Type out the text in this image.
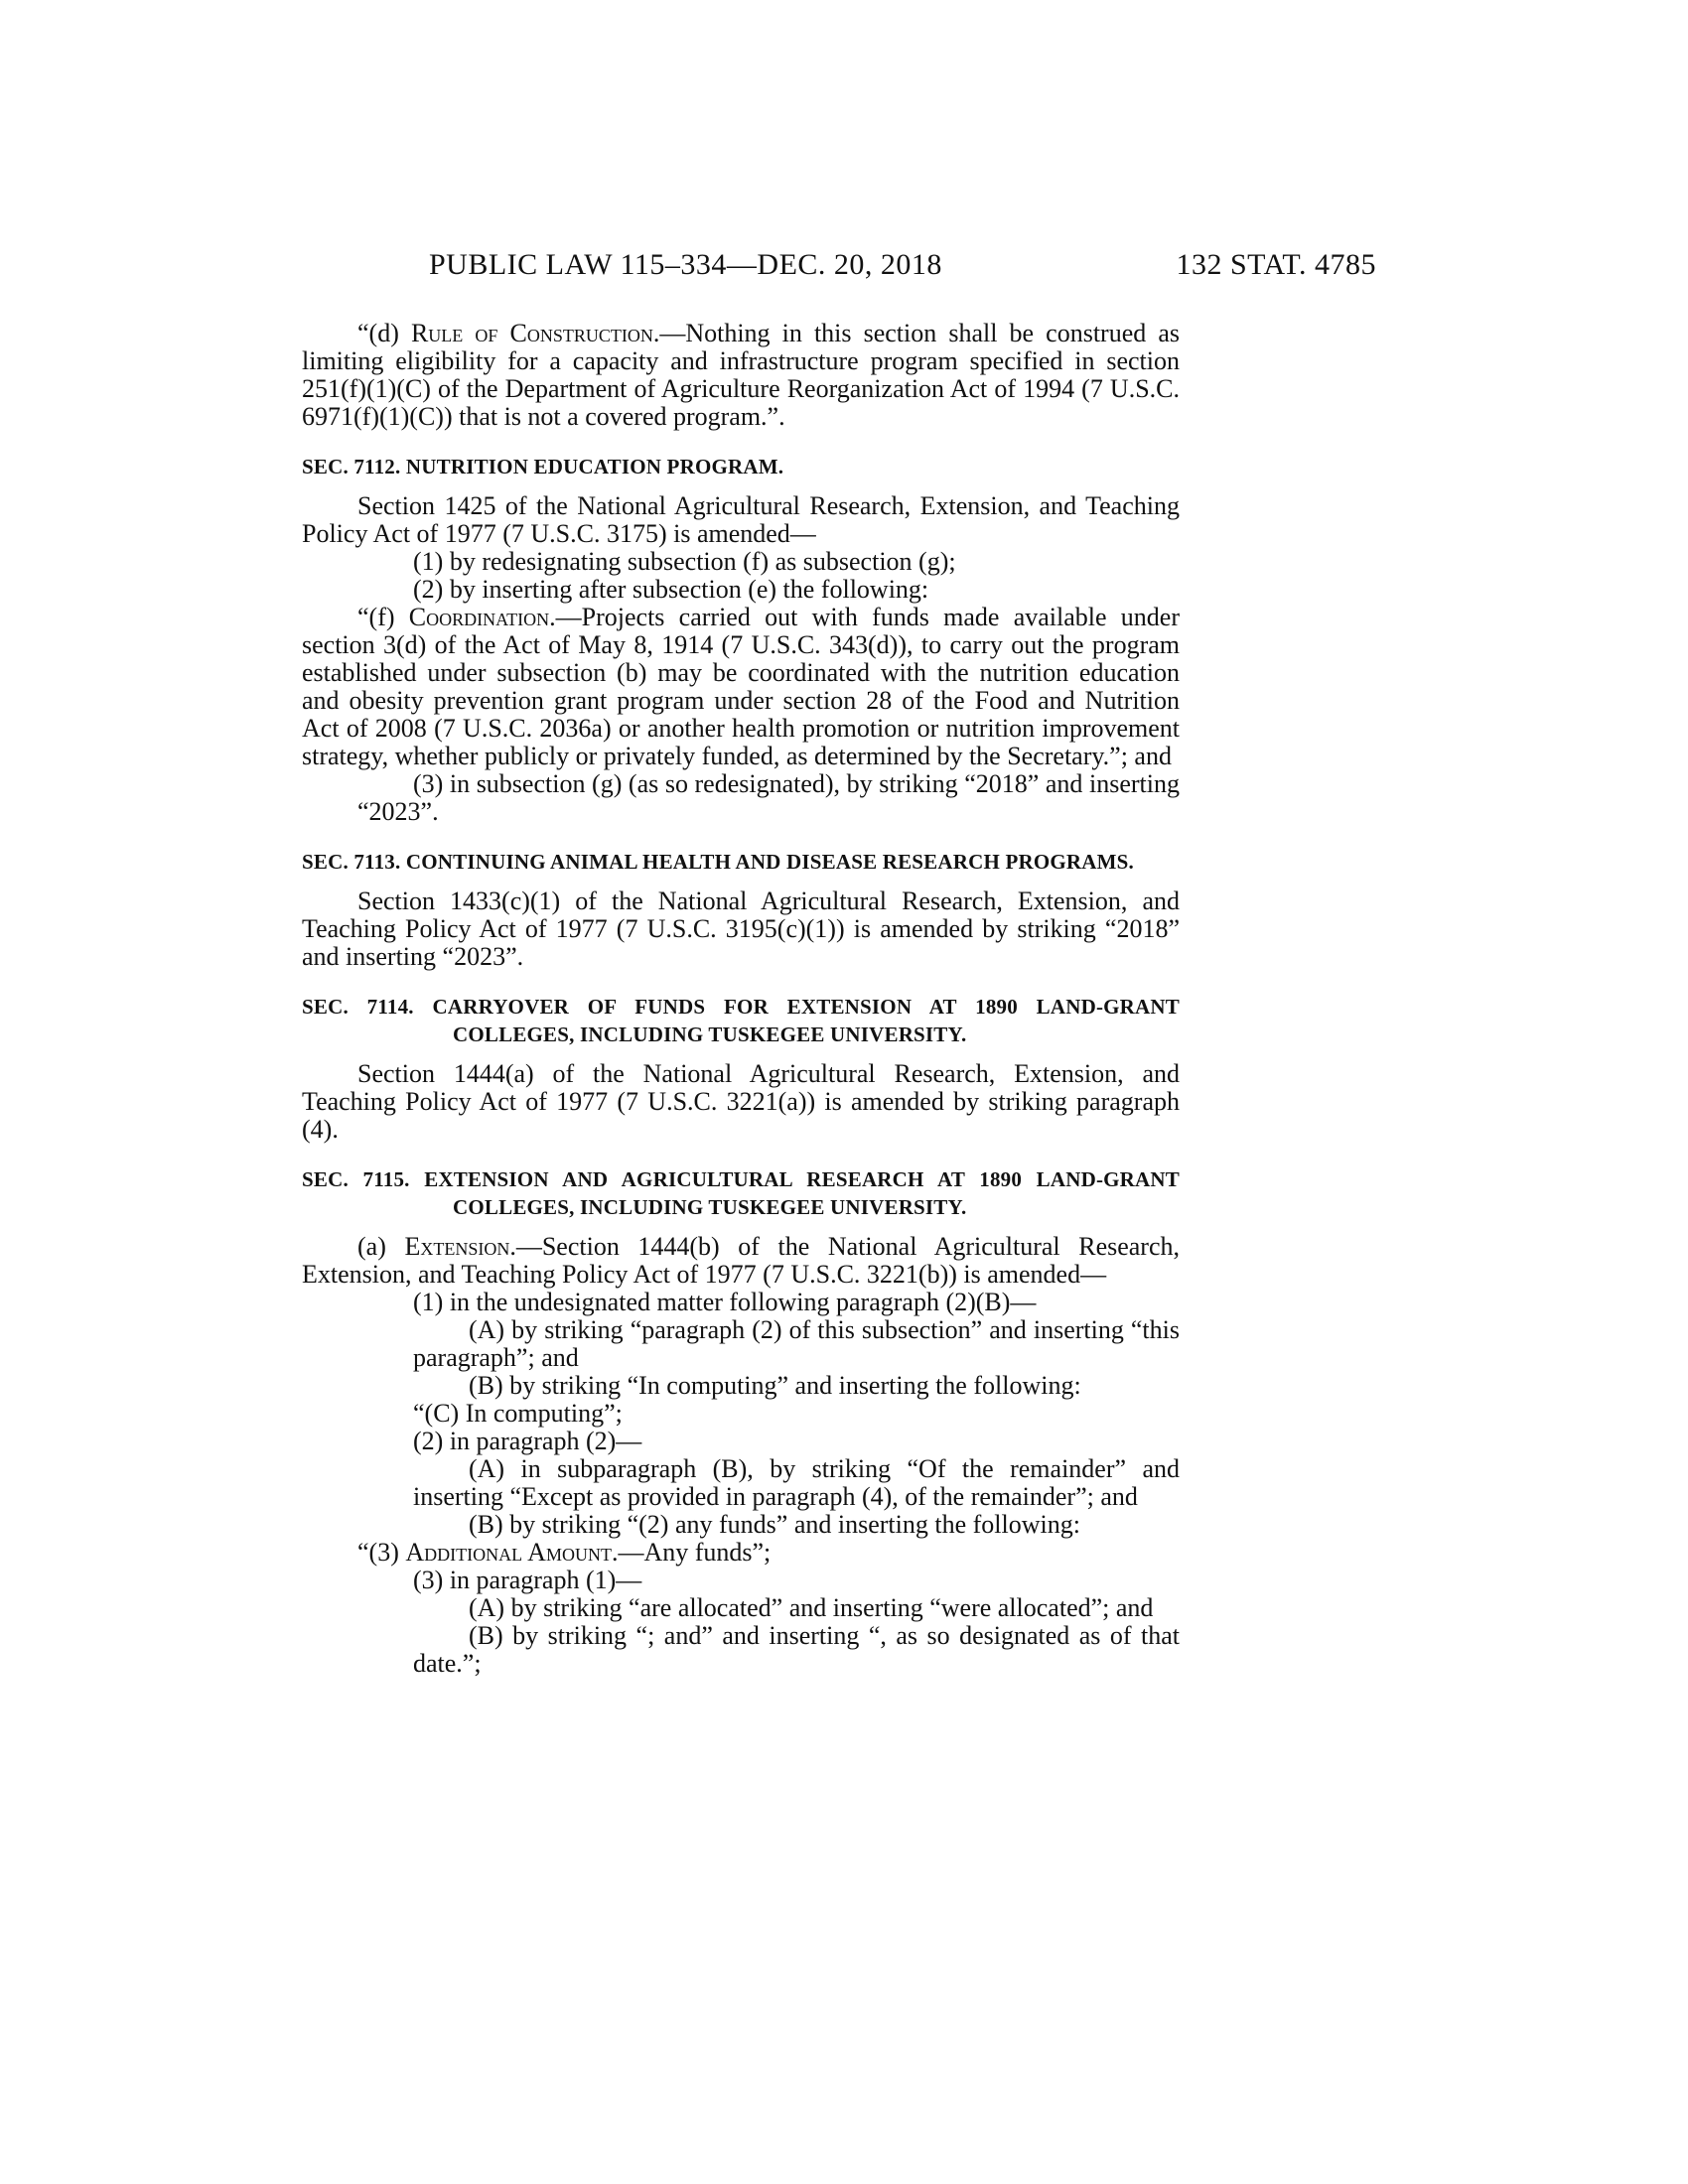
PUBLIC LAW 115–334—DEC. 20, 2018	132 STAT. 4785

“(d) Rule of Construction.—Nothing in this section shall be construed as limiting eligibility for a capacity and infrastructure program specified in section 251(f)(1)(C) of the Department of Agriculture Reorganization Act of 1994 (7 U.S.C. 6971(f)(1)(C)) that is not a covered program.”.

SEC. 7112. NUTRITION EDUCATION PROGRAM.

Section 1425 of the National Agricultural Research, Extension, and Teaching Policy Act of 1977 (7 U.S.C. 3175) is amended—

(1) by redesignating subsection (f) as subsection (g);

(2) by inserting after subsection (e) the following:

“(f) Coordination.—Projects carried out with funds made available under section 3(d) of the Act of May 8, 1914 (7 U.S.C. 343(d)), to carry out the program established under subsection (b) may be coordinated with the nutrition education and obesity prevention grant program under section 28 of the Food and Nutrition Act of 2008 (7 U.S.C. 2036a) or another health promotion or nutrition improvement strategy, whether publicly or privately funded, as determined by the Secretary.”; and

(3) in subsection (g) (as so redesignated), by striking “2018” and inserting “2023”.

SEC. 7113. CONTINUING ANIMAL HEALTH AND DISEASE RESEARCH PROGRAMS.

Section 1433(c)(1) of the National Agricultural Research, Extension, and Teaching Policy Act of 1977 (7 U.S.C. 3195(c)(1)) is amended by striking “2018” and inserting “2023”.

SEC. 7114. CARRYOVER OF FUNDS FOR EXTENSION AT 1890 LAND-GRANT COLLEGES, INCLUDING TUSKEGEE UNIVERSITY.

Section 1444(a) of the National Agricultural Research, Extension, and Teaching Policy Act of 1977 (7 U.S.C. 3221(a)) is amended by striking paragraph (4).

SEC. 7115. EXTENSION AND AGRICULTURAL RESEARCH AT 1890 LAND-GRANT COLLEGES, INCLUDING TUSKEGEE UNIVERSITY.

(a) Extension.—Section 1444(b) of the National Agricultural Research, Extension, and Teaching Policy Act of 1977 (7 U.S.C. 3221(b)) is amended—

(1) in the undesignated matter following paragraph (2)(B)—

(A) by striking “paragraph (2) of this subsection” and inserting “this paragraph”; and

(B) by striking “In computing” and inserting the following:

“(C) In computing”;

(2) in paragraph (2)—

(A) in subparagraph (B), by striking “Of the remainder” and inserting “Except as provided in paragraph (4), of the remainder”; and

(B) by striking “(2) any funds” and inserting the following:

“(3) Additional Amount.—Any funds”;

(3) in paragraph (1)—

(A) by striking “are allocated” and inserting “were allocated”; and

(B) by striking “; and” and inserting “, as so designated as of that date.”;
